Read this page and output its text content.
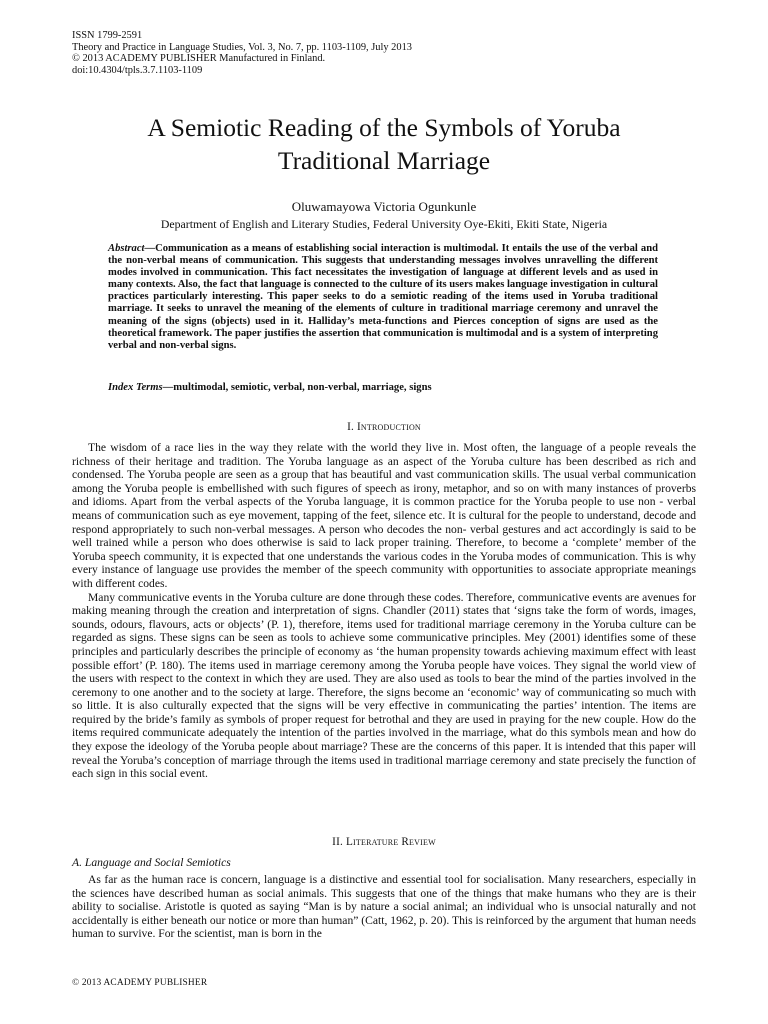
ISSN 1799-2591
Theory and Practice in Language Studies, Vol. 3, No. 7, pp. 1103-1109, July 2013
© 2013 ACADEMY PUBLISHER Manufactured in Finland.
doi:10.4304/tpls.3.7.1103-1109
A Semiotic Reading of the Symbols of Yoruba
Traditional Marriage
Oluwamayowa Victoria Ogunkunle
Department of English and Literary Studies, Federal University Oye-Ekiti, Ekiti State, Nigeria
Abstract—Communication as a means of establishing social interaction is multimodal. It entails the use of the verbal and the non-verbal means of communication. This suggests that understanding messages involves unravelling the different modes involved in communication. This fact necessitates the investigation of language at different levels and as used in many contexts. Also, the fact that language is connected to the culture of its users makes language investigation in cultural practices particularly interesting. This paper seeks to do a semiotic reading of the items used in Yoruba traditional marriage. It seeks to unravel the meaning of the elements of culture in traditional marriage ceremony and unravel the meaning of the signs (objects) used in it. Halliday’s meta-functions and Pierces conception of signs are used as the theoretical framework. The paper justifies the assertion that communication is multimodal and is a system of interpreting verbal and non-verbal signs.
Index Terms—multimodal, semiotic, verbal, non-verbal, marriage, signs
I. Introduction

The wisdom of a race lies in the way they relate with the world they live in. Most often, the language of a people reveals the richness of their heritage and tradition. The Yoruba language as an aspect of the Yoruba culture has been described as rich and condensed. The Yoruba people are seen as a group that has beautiful and vast communication skills. The usual verbal communication among the Yoruba people is embellished with such figures of speech as irony, metaphor, and so on with many instances of proverbs and idioms. Apart from the verbal aspects of the Yoruba language, it is common practice for the Yoruba people to use non - verbal means of communication such as eye movement, tapping of the feet, silence etc. It is cultural for the people to understand, decode and respond appropriately to such non-verbal messages. A person who decodes the non- verbal gestures and act accordingly is said to be well trained while a person who does otherwise is said to lack proper training. Therefore, to become a ‘complete’ member of the Yoruba speech community, it is expected that one understands the various codes in the Yoruba modes of communication. This is why every instance of language use provides the member of the speech community with opportunities to associate appropriate meanings with different codes.

Many communicative events in the Yoruba culture are done through these codes. Therefore, communicative events are avenues for making meaning through the creation and interpretation of signs. Chandler (2011) states that ‘signs take the form of words, images, sounds, odours, flavours, acts or objects’ (P. 1), therefore, items used for traditional marriage ceremony in the Yoruba culture can be regarded as signs. These signs can be seen as tools to achieve some communicative principles. Mey (2001) identifies some of these principles and particularly describes the principle of economy as ‘the human propensity towards achieving maximum effect with least possible effort’ (P. 180). The items used in marriage ceremony among the Yoruba people have voices. They signal the world view of the users with respect to the context in which they are used. They are also used as tools to bear the mind of the parties involved in the ceremony to one another and to the society at large. Therefore, the signs become an ‘economic’ way of communicating so much with so little. It is also culturally expected that the signs will be very effective in communicating the parties’ intention. The items are required by the bride’s family as symbols of proper request for betrothal and they are used in praying for the new couple. How do the items required communicate adequately the intention of the parties involved in the marriage, what do this symbols mean and how do they expose the ideology of the Yoruba people about marriage? These are the concerns of this paper. It is intended that this paper will reveal the Yoruba’s conception of marriage through the items used in traditional marriage ceremony and state precisely the function of each sign in this social event.

II. Literature Review
A. Language and Social Semiotics

As far as the human race is concern, language is a distinctive and essential tool for socialisation. Many researchers, especially in the sciences have described human as social animals. This suggests that one of the things that make humans who they are is their ability to socialise. Aristotle is quoted as saying “Man is by nature a social animal; an individual who is unsocial naturally and not accidentally is either beneath our notice or more than human” (Catt, 1962, p. 20). This is reinforced by the argument that human needs human to survive. For the scientist, man is born in the

© 2013 ACADEMY PUBLISHER
